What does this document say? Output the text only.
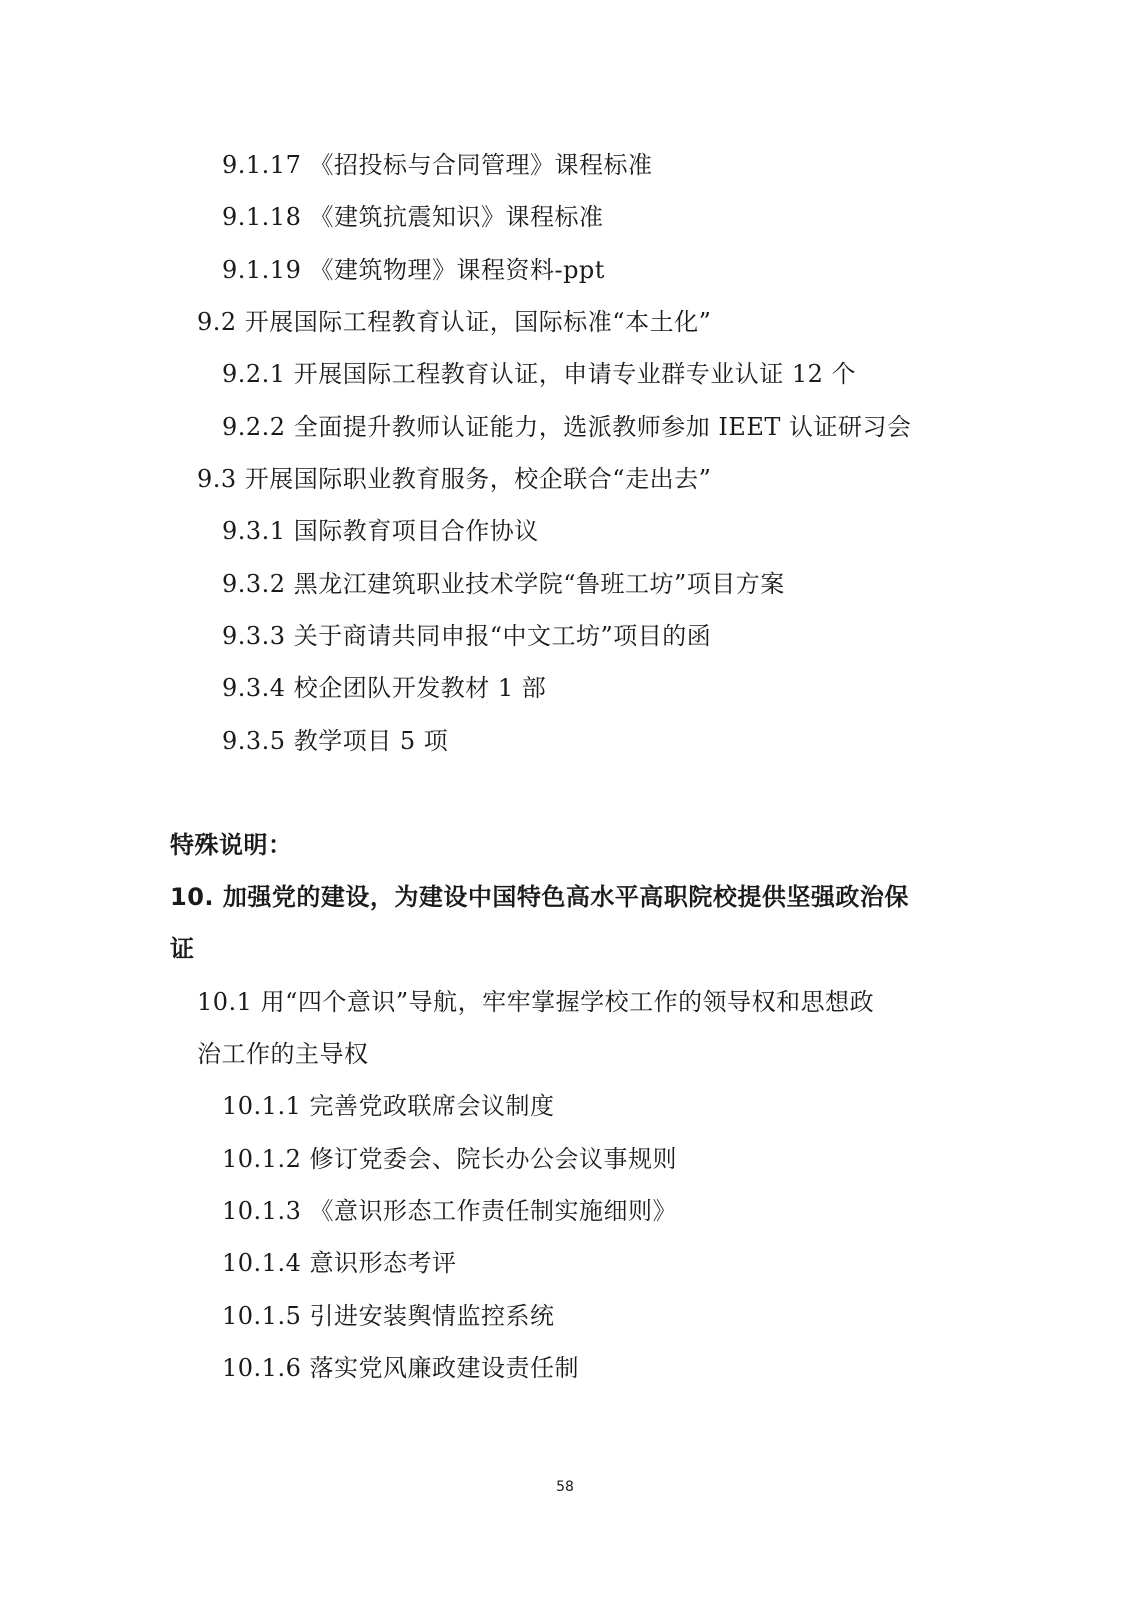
9.1.17 《招投标与合同管理》课程标准
9.1.18 《建筑抗震知识》课程标准
9.1.19 《建筑物理》课程资料-ppt
9.2 开展国际工程教育认证，国际标准“本土化”
9.2.1 开展国际工程教育认证，申请专业群专业认证 12 个
9.2.2 全面提升教师认证能力，选派教师参加 IEET 认证研习会
9.3 开展国际职业教育服务，校企联合“走出去”
9.3.1 国际教育项目合作协议
9.3.2 黑龙江建筑职业技术学院“鲁班工坊”项目方案
9.3.3 关于商请共同申报“中文工坊”项目的函
9.3.4 校企团队开发教材 1 部
9.3.5 教学项目 5 项
特殊说明：
10. 加强党的建设，为建设中国特色高水平高职院校提供坚强政治保
证
10.1 用“四个意识”导航，牢牢掌握学校工作的领导权和思想政
治工作的主导权
10.1.1 完善党政联席会议制度
10.1.2 修订党委会、院长办公会议事规则
10.1.3 《意识形态工作责任制实施细则》
10.1.4 意识形态考评
10.1.5 引进安装舆情监控系统
10.1.6 落实党风廉政建设责任制
58
